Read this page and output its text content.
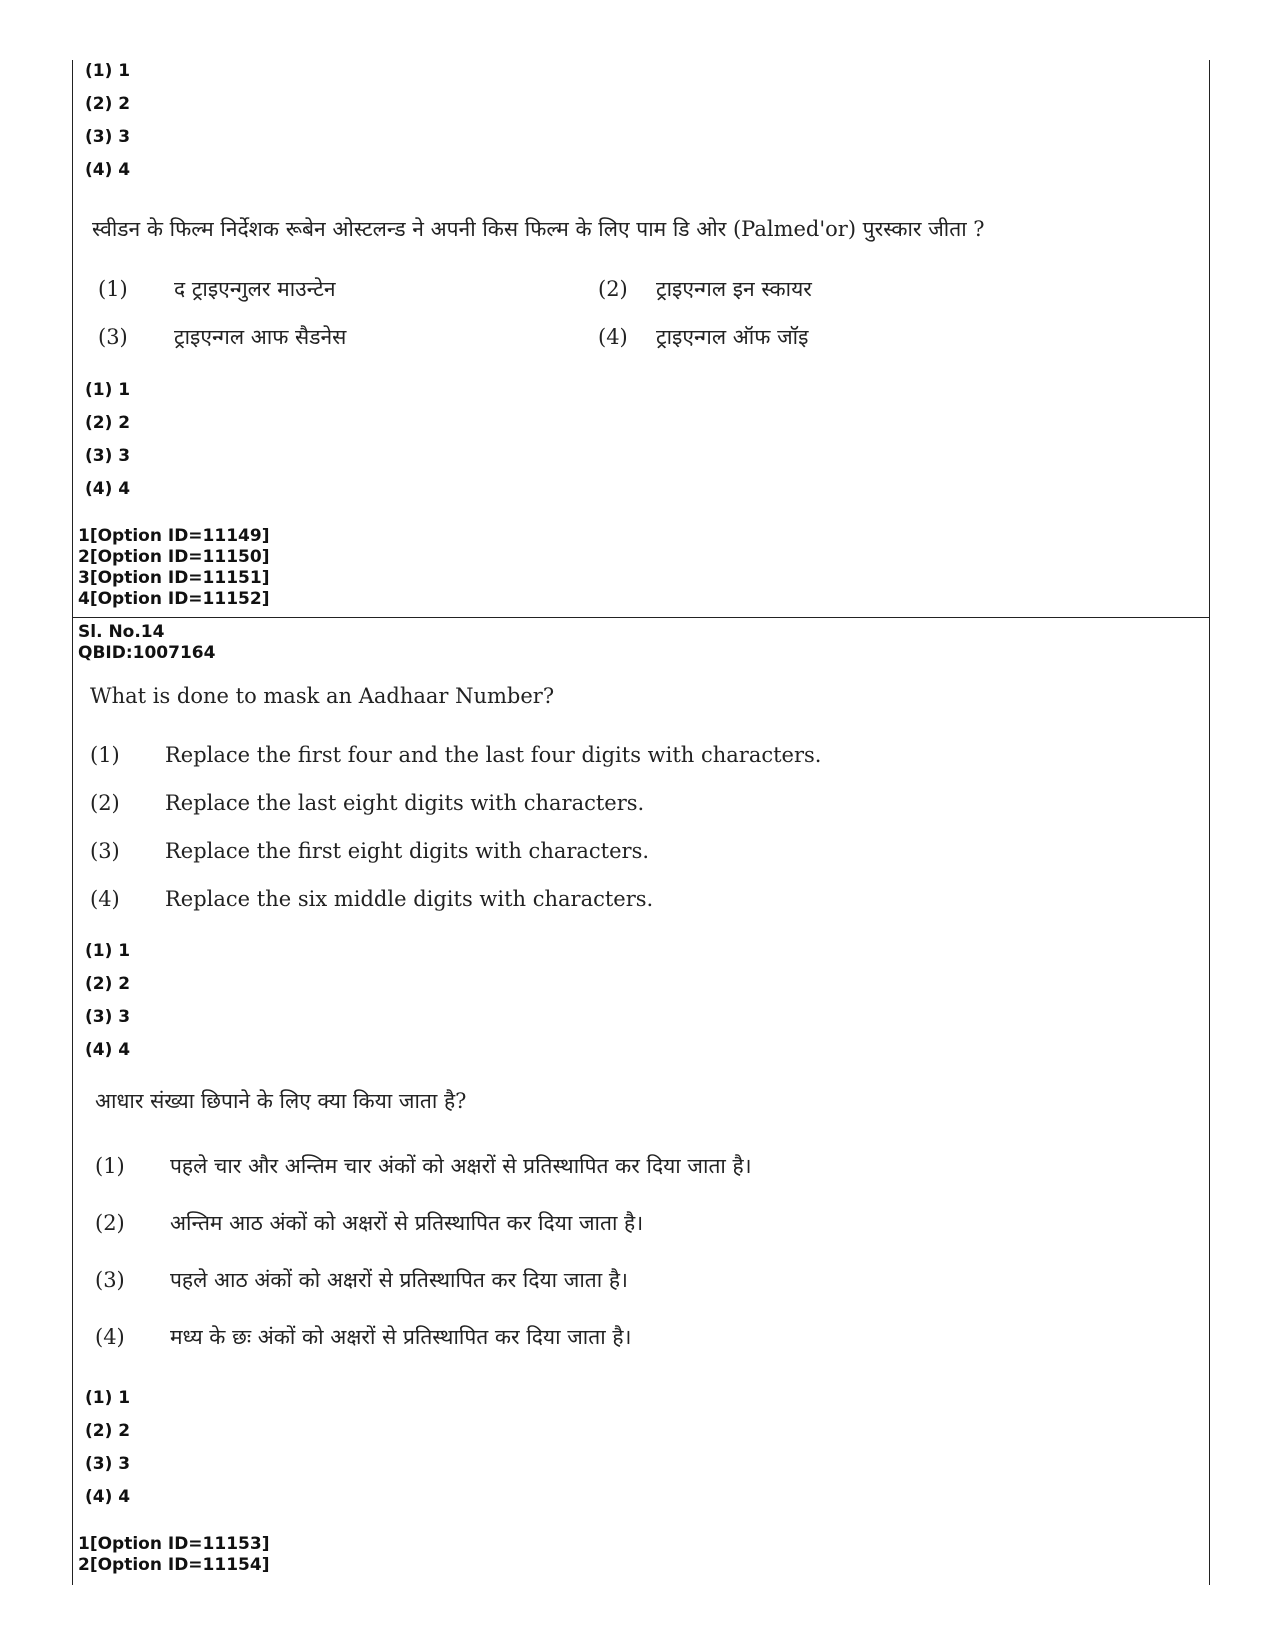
(1) 1
(2) 2
(3) 3
(4) 4
स्वीडन के फिल्म निर्देशक रूबेन ओस्टलन्ड ने अपनी किस फिल्म के लिए पाम डि ओर (Palmed'or) पुरस्कार जीता ?
(1) द ट्राइएन्गुलर माउन्टेन	(2) ट्राइएन्गल इन स्कायर
(3) ट्राइएन्गल आफ सैडनेस	(4) ट्राइएन्गल ऑफ जॉइ
(1) 1
(2) 2
(3) 3
(4) 4
1[Option ID=11149]
2[Option ID=11150]
3[Option ID=11151]
4[Option ID=11152]
Sl. No.14
QBID:1007164
What is done to mask an Aadhaar Number?
(1) Replace the first four and the last four digits with characters.
(2) Replace the last eight digits with characters.
(3) Replace the first eight digits with characters.
(4) Replace the six middle digits with characters.
(1) 1
(2) 2
(3) 3
(4) 4
आधार संख्या छिपाने के लिए क्या किया जाता है?
(1) पहले चार और अन्तिम चार अंकों को अक्षरों से प्रतिस्थापित कर दिया जाता है।
(2) अन्तिम आठ अंकों को अक्षरों से प्रतिस्थापित कर दिया जाता है।
(3) पहले आठ अंकों को अक्षरों से प्रतिस्थापित कर दिया जाता है।
(4) मध्य के छः अंकों को अक्षरों से प्रतिस्थापित कर दिया जाता है।
(1) 1
(2) 2
(3) 3
(4) 4
1[Option ID=11153]
2[Option ID=11154]
